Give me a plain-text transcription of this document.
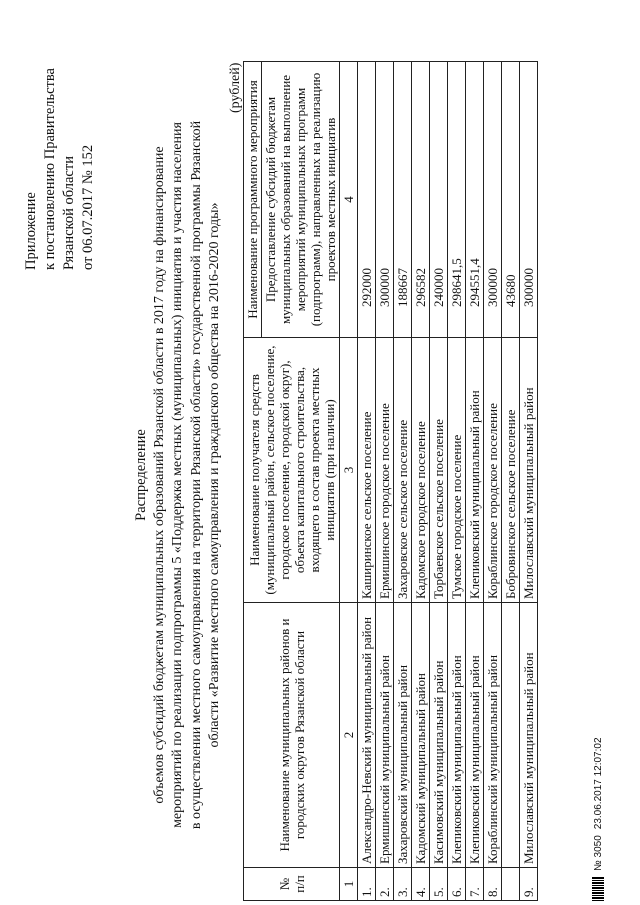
Приложение к постановлению Правительства Рязанской области от 06.07.2017 № 152
Распределение объемов субсидий бюджетам муниципальных образований Рязанской области в 2017 году на финансирование мероприятий по реализации подпрограммы 5 «Поддержка местных (муниципальных) инициатив и участия населения в осуществлении местного самоуправления на территории Рязанской области» государственной программы Рязанской области «Развитие местного самоуправления и гражданского общества на 2016-2020 годы»
(рублей)
№ п/п	Наименование муниципальных районов и городских округов Рязанской области	Наименование получателя средств (муниципальный район, сельское поселение, городское поселение, городской округ), объекта капитального строительства, входящего в состав проекта местных инициатив (при наличии)	Наименование программного мероприятия
			Предоставление субсидий бюджетам муниципальных образований на выполнение мероприятий муниципальных программ (подпрограмм), направленных на реализацию проектов местных инициатив
1	2	3	4
1.	Александро-Невский муниципальный район	Каширинское сельское поселение	292000
2.	Ермишинский муниципальный район	Ермишинское городское поселение	300000
3.	Захаровский муниципальный район	Захаровское сельское поселение	188667
4.	Кадомский муниципальный район	Кадомское городское поселение	296582
5.	Касимовский муниципальный район	Торбаевское сельское поселение	240000
6.	Клепиковский муниципальный район	Тумское городское поселение	298641,5
7.	Клепиковский муниципальный район	Клепиковский муниципальный район	294551,4
8.	Кораблинский муниципальный район	Кораблинское городское поселение	300000
		Бобровинское сельское поселение	43680
9.	Милославский муниципальный район	Милославский муниципальный район	300000
№ 3050
23.06.2017 12:07:02
